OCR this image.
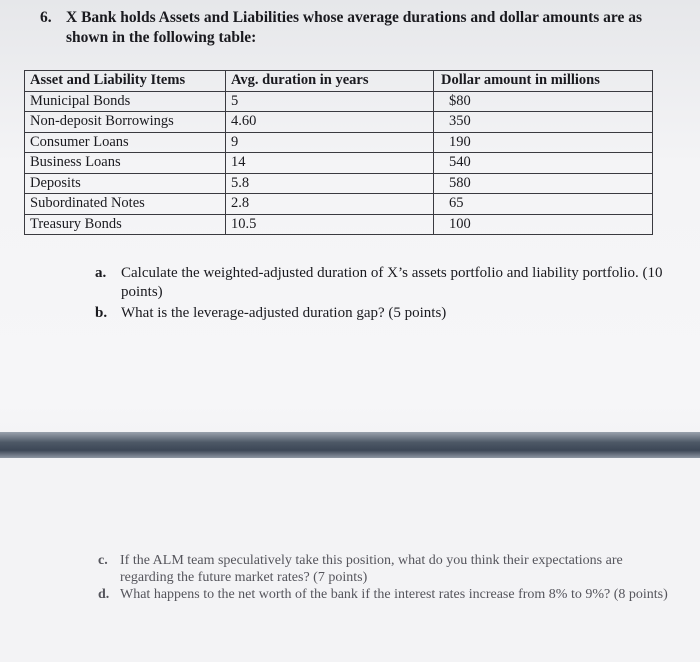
6. X Bank holds Assets and Liabilities whose average durations and dollar amounts are as shown in the following table:
Asset and Liability Items	Avg. duration in years	Dollar amount in millions
Municipal Bonds	5	$80
Non-deposit Borrowings	4.60	350
Consumer Loans	9	190
Business Loans	14	540
Deposits	5.8	580
Subordinated Notes	2.8	65
Treasury Bonds	10.5	100
a. Calculate the weighted-adjusted duration of X’s assets portfolio and liability portfolio. (10 points)
b. What is the leverage-adjusted duration gap? (5 points)
c. If the ALM team speculatively take this position, what do you think their expectations are regarding the future market rates? (7 points)
d. What happens to the net worth of the bank if the interest rates increase from 8% to 9%? (8 points)
